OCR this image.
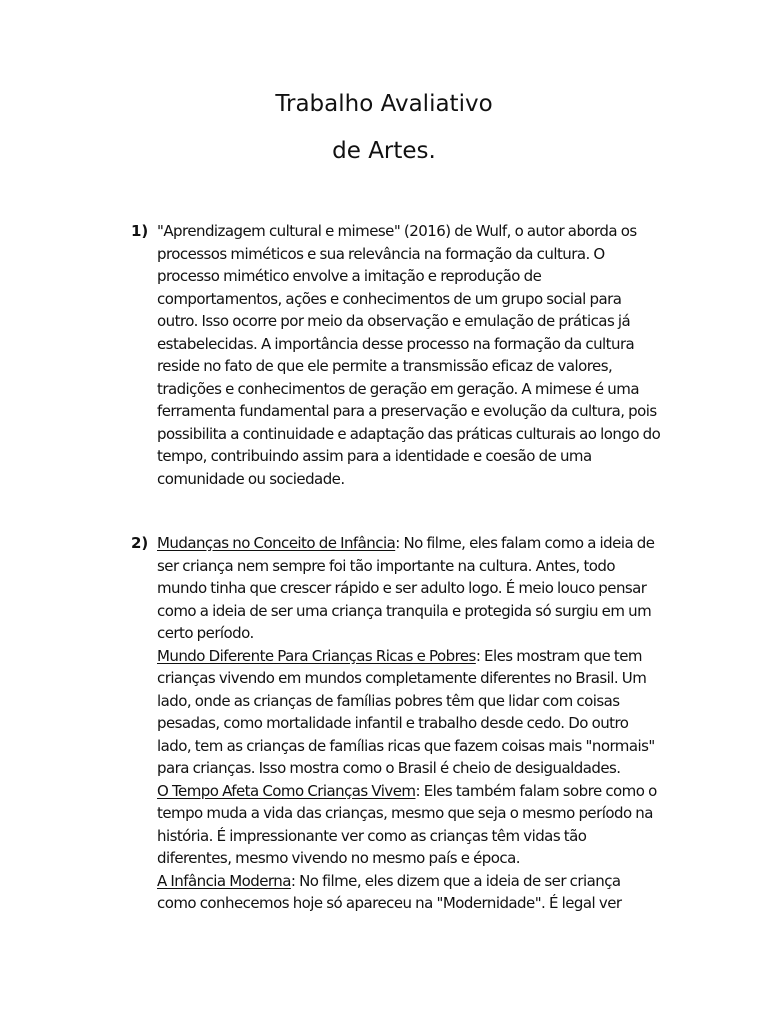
Trabalho Avaliativo
de Artes.
1) "Aprendizagem cultural e mimese" (2016) de Wulf, o autor aborda os processos miméticos e sua relevância na formação da cultura. O processo mimético envolve a imitação e reprodução de comportamentos, ações e conhecimentos de um grupo social para outro. Isso ocorre por meio da observação e emulação de práticas já estabelecidas. A importância desse processo na formação da cultura reside no fato de que ele permite a transmissão eficaz de valores, tradições e conhecimentos de geração em geração. A mimese é uma ferramenta fundamental para a preservação e evolução da cultura, pois possibilita a continuidade e adaptação das práticas culturais ao longo do tempo, contribuindo assim para a identidade e coesão de uma comunidade ou sociedade.

2) Mudanças no Conceito de Infância: No filme, eles falam como a ideia de ser criança nem sempre foi tão importante na cultura. Antes, todo mundo tinha que crescer rápido e ser adulto logo. É meio louco pensar como a ideia de ser uma criança tranquila e protegida só surgiu em um certo período.

Mundo Diferente Para Crianças Ricas e Pobres: Eles mostram que tem crianças vivendo em mundos completamente diferentes no Brasil. Um lado, onde as crianças de famílias pobres têm que lidar com coisas pesadas, como mortalidade infantil e trabalho desde cedo. Do outro lado, tem as crianças de famílias ricas que fazem coisas mais "normais" para crianças. Isso mostra como o Brasil é cheio de desigualdades.

O Tempo Afeta Como Crianças Vivem: Eles também falam sobre como o tempo muda a vida das crianças, mesmo que seja o mesmo período na história. É impressionante ver como as crianças têm vidas tão diferentes, mesmo vivendo no mesmo país e época.

A Infância Moderna: No filme, eles dizem que a ideia de ser criança como conhecemos hoje só apareceu na "Modernidade". É legal ver
